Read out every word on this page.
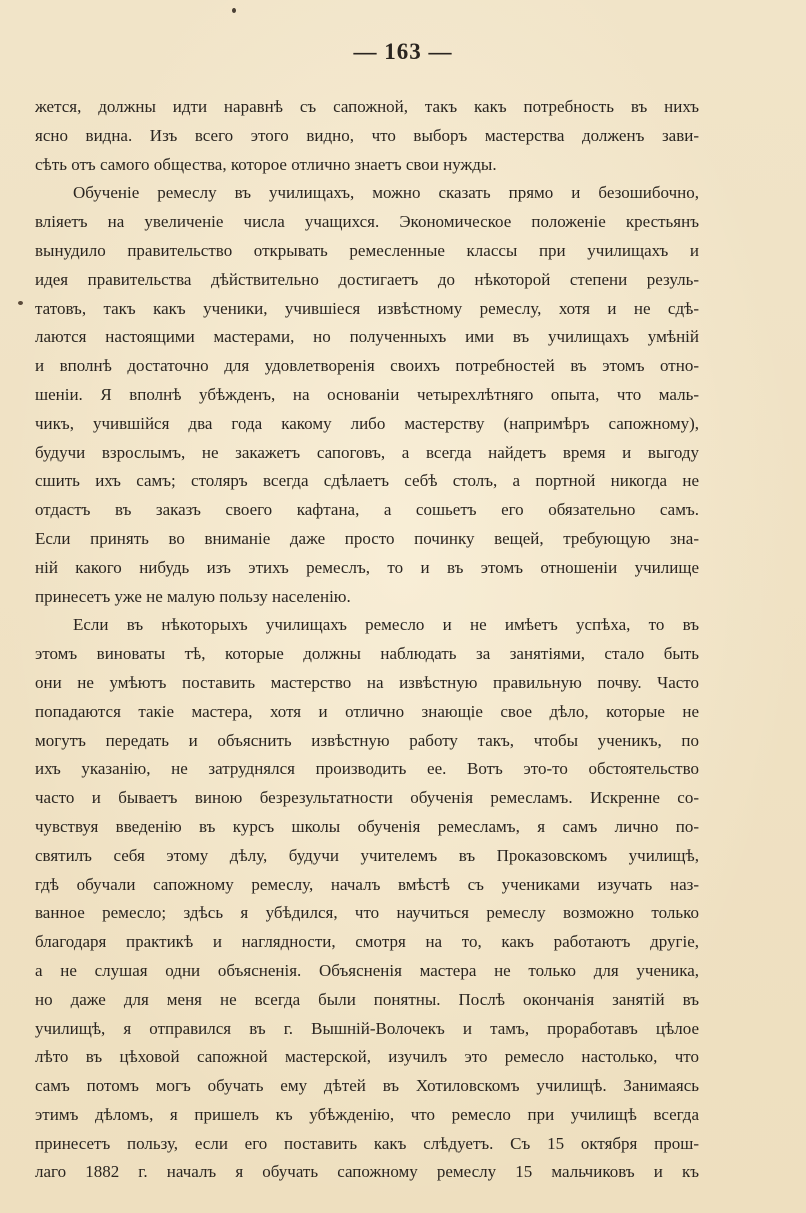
— 163 —
жется, должны идти наравнѣ съ сапожной, такъ какъ потребность въ нихъ
ясно видна. Изъ всего этого видно, что выборъ мастерства долженъ зави-
сѣть отъ самого общества, которое отлично знаетъ свои нужды.
Обученіе ремеслу въ училищахъ, можно сказать прямо и безошибочно,
вліяетъ на увеличеніе числа учащихся. Экономическое положеніе крестьянъ
вынудило правительство открывать ремесленные классы при училищахъ и
идея правительства дѣйствительно достигаетъ до нѣкоторой степени резуль-
татовъ, такъ какъ ученики, учившіеся извѣстному ремеслу, хотя и не сдѣ-
лаются настоящими мастерами, но полученныхъ ими въ училищахъ умѣній
и вполнѣ достаточно для удовлетворенія своихъ потребностей въ этомъ отно-
шеніи. Я вполнѣ убѣжденъ, на основаніи четырехлѣтняго опыта, что маль-
чикъ, учившійся два года какому либо мастерству (напримѣръ сапожному),
будучи взрослымъ, не закажетъ сапоговъ, а всегда найдетъ время и выгоду
сшить ихъ самъ; столяръ всегда сдѣлаетъ себѣ столъ, а портной никогда не
отдастъ въ заказъ своего кафтана, а сошьетъ его обязательно самъ.
Если принять во вниманіе даже просто починку вещей, требующую зна-
ній какого нибудь изъ этихъ ремеслъ, то и въ этомъ отношеніи училище
принесетъ уже не малую пользу населенію.
Если въ нѣкоторыхъ училищахъ ремесло и не имѣетъ успѣха, то въ
этомъ виноваты тѣ, которые должны наблюдать за занятіями, стало быть
они не умѣютъ поставить мастерство на извѣстную правильную почву. Часто
попадаются такіе мастера, хотя и отлично знающіе свое дѣло, которые не
могутъ передать и объяснить извѣстную работу такъ, чтобы ученикъ, по
ихъ указанію, не затруднялся производить ее. Вотъ это-то обстоятельство
часто и бываетъ виною безрезультатности обученія ремесламъ. Искренне со-
чувствуя введенію въ курсъ школы обученія ремесламъ, я самъ лично по-
святилъ себя этому дѣлу, будучи учителемъ въ Проказовскомъ училищѣ,
гдѣ обучали сапожному ремеслу, началъ вмѣстѣ съ учениками изучать наз-
ванное ремесло; здѣсь я убѣдился, что научиться ремеслу возможно только
благодаря практикѣ и наглядности, смотря на то, какъ работаютъ другіе,
а не слушая одни объясненія. Объясненія мастера не только для ученика,
но даже для меня не всегда были понятны. Послѣ окончанія занятій въ
училищѣ, я отправился въ г. Вышній-Волочекъ и тамъ, проработавъ цѣлое
лѣто въ цѣховой сапожной мастерской, изучилъ это ремесло настолько, что
самъ потомъ могъ обучать ему дѣтей въ Хотиловскомъ училищѣ. Занимаясь
этимъ дѣломъ, я пришелъ къ убѣжденію, что ремесло при училищѣ всегда
принесетъ пользу, если его поставить какъ слѣдуетъ. Съ 15 октября прош-
лаго 1882 г. началъ я обучать сапожному ремеслу 15 мальчиковъ и къ
